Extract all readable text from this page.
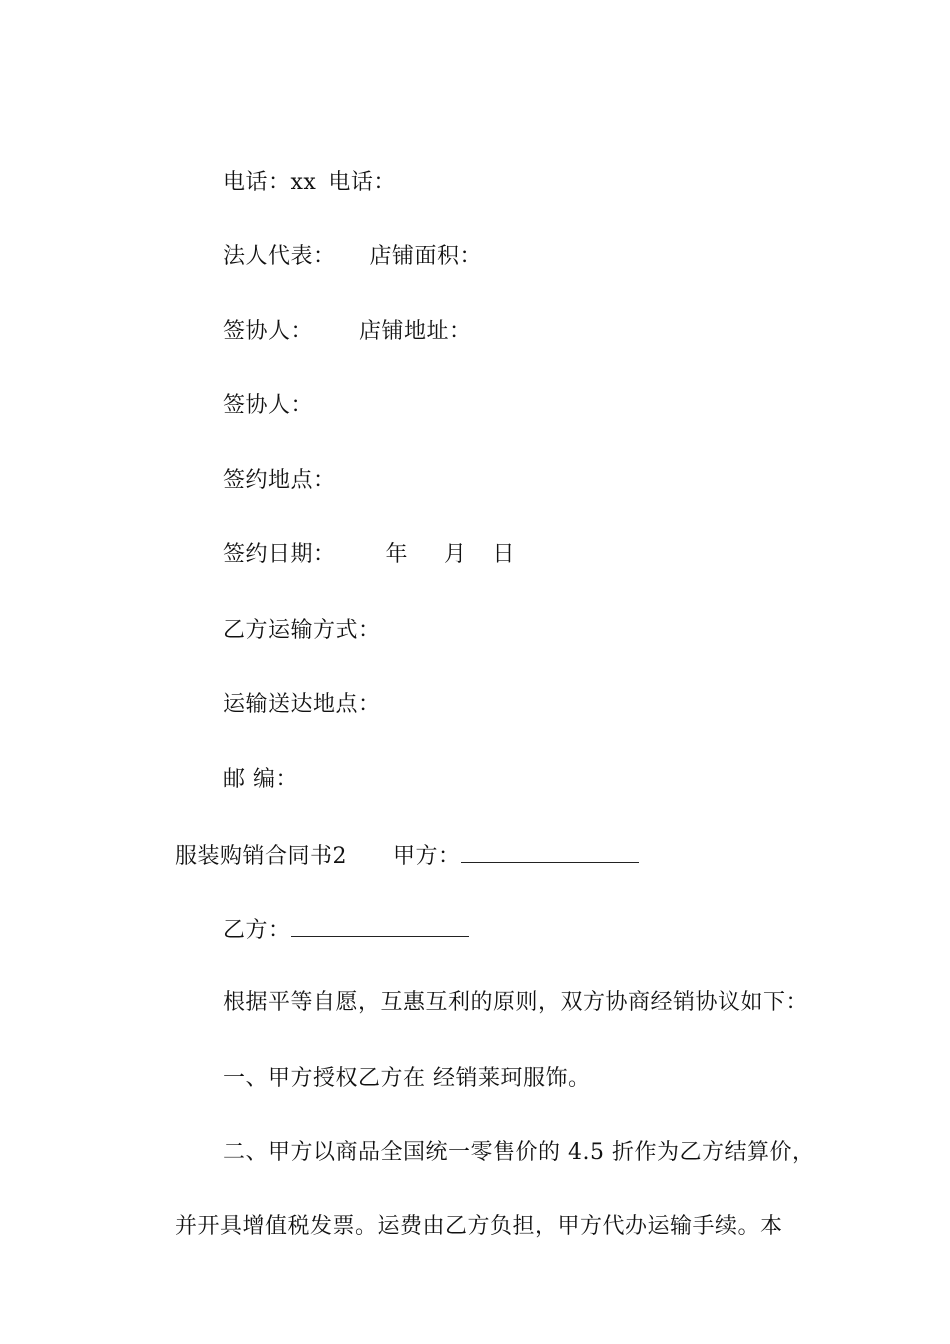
电话：xx 电话：

法人代表： 店铺面积：

签协人： 店铺地址：

签协人：

签约地点：

签约日期： 年 月 日

乙方运输方式：

运输送达地点：

邮 编：

服装购销合同书2 甲方：

乙方：

根据平等自愿，互惠互利的原则，双方协商经销协议如下：

一、甲方授权乙方在 经销莱珂服饰。

二、甲方以商品全国统一零售价的 4.5 折作为乙方结算价，

并开具增值税发票。运费由乙方负担，甲方代办运输手续。本
